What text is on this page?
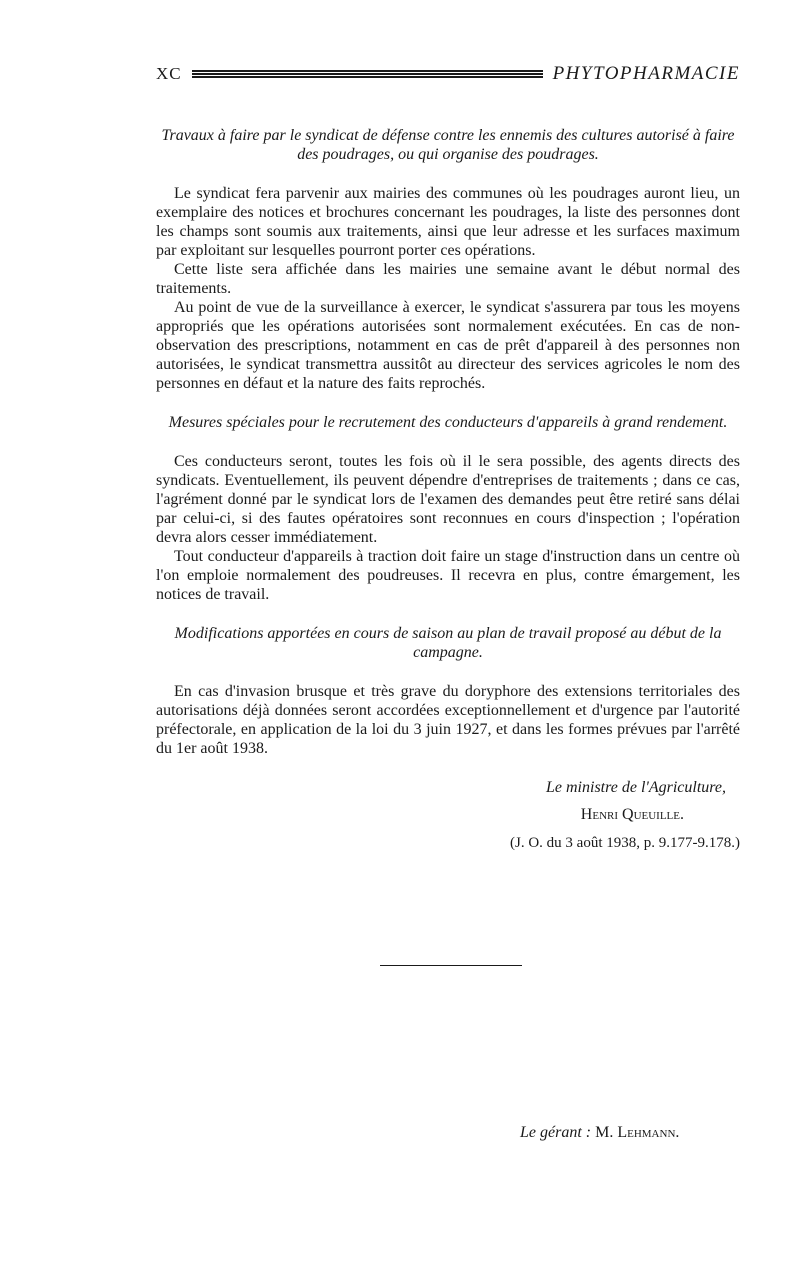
XC	PHYTOPHARMACIE
Travaux à faire par le syndicat de défense contre les ennemis des cultures autorisé à faire des poudrages, ou qui organise des poudrages.

Le syndicat fera parvenir aux mairies des communes où les poudrages auront lieu, un exemplaire des notices et brochures concernant les poudrages, la liste des personnes dont les champs sont soumis aux traitements, ainsi que leur adresse et les surfaces maximum par exploitant sur lesquelles pourront porter ces opérations.

Cette liste sera affichée dans les mairies une semaine avant le début normal des traitements.

Au point de vue de la surveillance à exercer, le syndicat s'assurera par tous les moyens appropriés que les opérations autorisées sont normalement exécutées. En cas de non-observation des prescriptions, notamment en cas de prêt d'appareil à des personnes non autorisées, le syndicat transmettra aussitôt au directeur des services agricoles le nom des personnes en défaut et la nature des faits reprochés.

Mesures spéciales pour le recrutement des conducteurs d'appareils à grand rendement.

Ces conducteurs seront, toutes les fois où il le sera possible, des agents directs des syndicats. Eventuellement, ils peuvent dépendre d'entreprises de traitements ; dans ce cas, l'agrément donné par le syndicat lors de l'examen des demandes peut être retiré sans délai par celui-ci, si des fautes opératoires sont reconnues en cours d'inspection ; l'opération devra alors cesser immédiatement.

Tout conducteur d'appareils à traction doit faire un stage d'instruction dans un centre où l'on emploie normalement des poudreuses. Il recevra en plus, contre émargement, les notices de travail.

Modifications apportées en cours de saison au plan de travail proposé au début de la campagne.

En cas d'invasion brusque et très grave du doryphore des extensions territoriales des autorisations déjà données seront accordées exceptionnellement et d'urgence par l'autorité préfectorale, en application de la loi du 3 juin 1927, et dans les formes prévues par l'arrêté du 1er août 1938.

Le ministre de l'Agriculture,
Henri Queuille.
(J. O. du 3 août 1938, p. 9.177-9.178.)
Le gérant : M. Lehmann.
